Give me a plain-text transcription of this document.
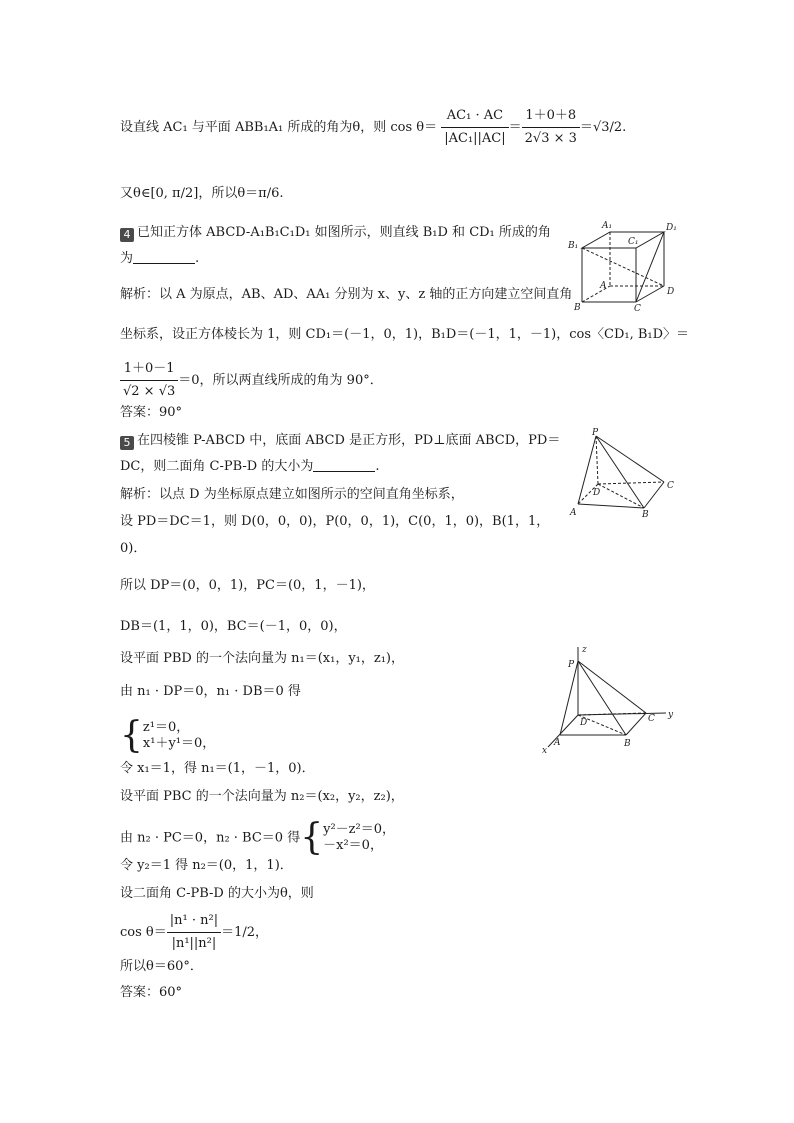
设直线 AC₁ 与平面 ABB₁A₁ 所成的角为θ，则 $\cos \theta= \frac{\text{AC₁ · AC}}{\text{|AC₁||AC|}} = \frac{1+0+8}{2√3 \times 3} =√3/2$.
又θ∈[0, π/2]，所以θ＝π/6.
4 已知正方体 ABCD-A₁B₁C₁D₁ 如图所示，则直线 B₁D 和 CD₁ 所成的角
为	.
解析：以 A 为原点，AB、AD、AA₁ 分别为 x、y、z 轴的正方向建立空间直角
坐标系，设正方体棱长为 1，则 CD₁＝(－1，0，1)，B₁D＝(－1，1，－1)，cos〈CD₁, B₁D〉＝
$\frac{1+0-1}{√2 \times √3} =0$，所以两直线所成的角为 90°．
答案：90°
A₁	D₁
B₁	C₁
A
D
B	C
5 在四棱锥 P-ABCD 中，底面 ABCD 是正方形，PD⊥底面 ABCD，PD＝
DC，则二面角 C-PB-D 的大小为	.
解析：以点 D 为坐标原点建立如图所示的空间直角坐标系，
设 PD＝DC＝1，则 D(0，0，0)，P(0，0，1)，C(0，1，0)，B(1，1，
0)．
P
C
D
A	B
所以 DP＝(0，0，1)，PC＝(0，1，－1)，
DB＝(1，1，0)，BC＝(－1，0，0)，
设平面 PBD 的一个法向量为 n₁＝(x₁，y₁，z₁)，
由 n₁ · DP＝0，n₁ · DB＝0 得
{ z¹＝0，
x¹＋y¹＝0，
令 x₁＝1，得 n₁＝(1，－1，0)．
设平面 PBC 的一个法向量为 n₂＝(x₂，y₂，z₂)，
由 n₂ · PC＝0，n₂ · BC＝0 得{ y²－z²＝0，
－x²＝0，
令 y₂＝1 得 n₂＝(0，1，1)．
设二面角 C-PB-D 的大小为θ，则
$\cos \theta= \frac{\text{|n¹ · n²|}}{\text{|n¹||n²|}} =1/2$，
所以θ＝60°．
答案：60°
P
z
y
x
D	C
A	B
